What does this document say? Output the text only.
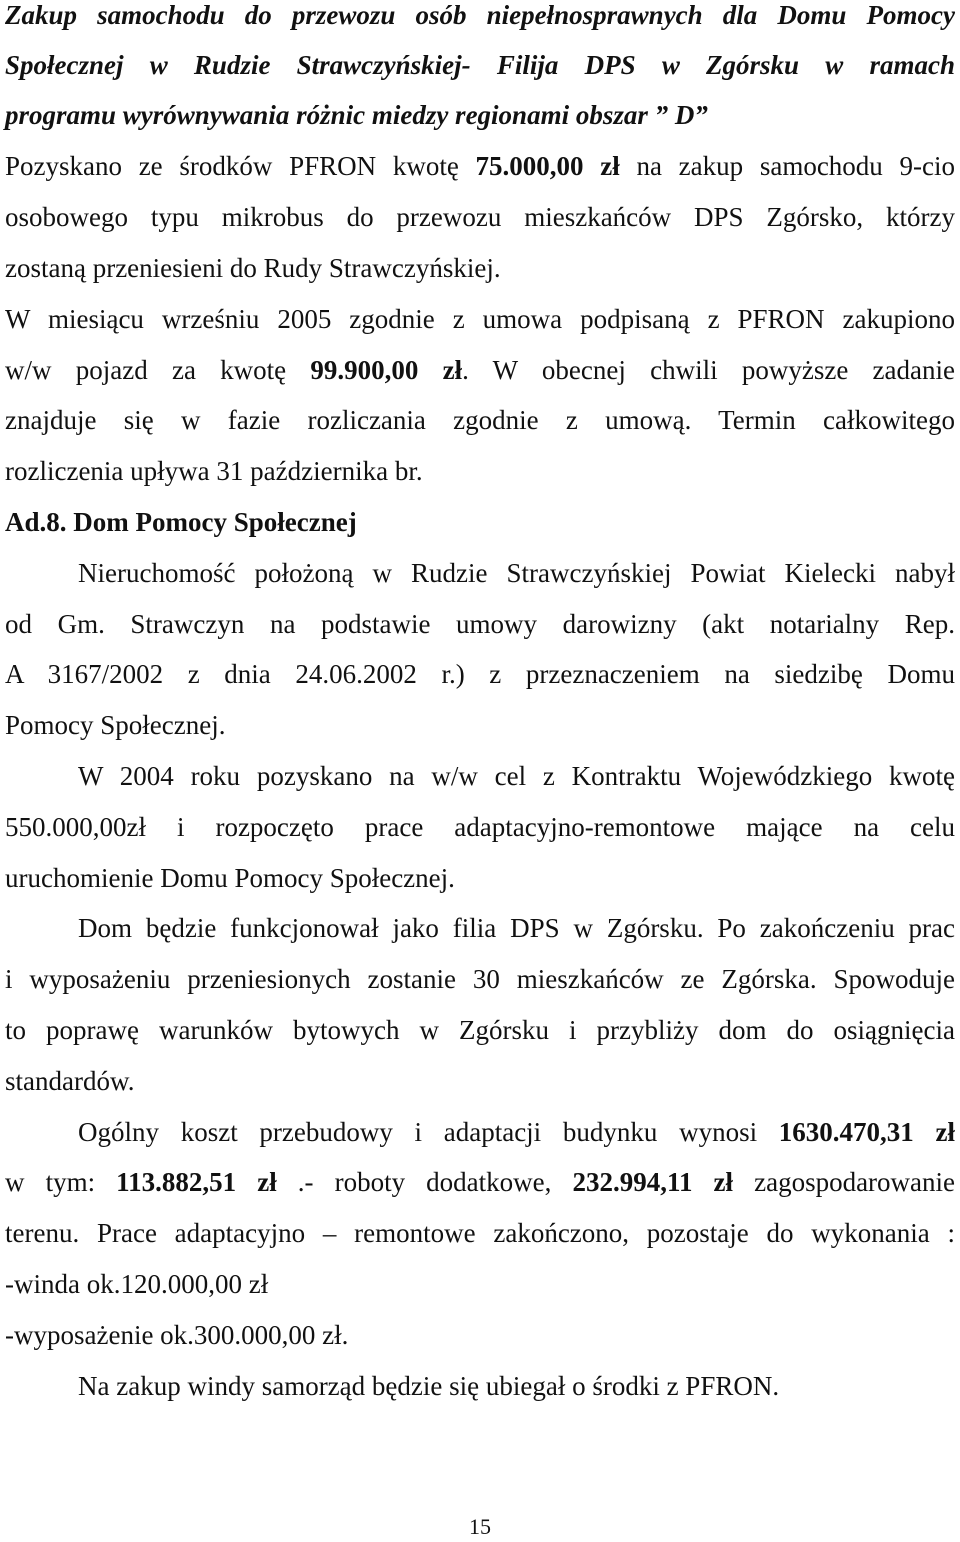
Zakup samochodu do przewozu osób niepełnosprawnych dla Domu Pomocy
Społecznej w Rudzie Strawczyńskiej- Filija DPS w Zgórsku w ramach
programu wyrównywania różnic miedzy regionami obszar ” D”
Pozyskano ze środków PFRON kwotę 75.000,00 zł na zakup samochodu 9-cio
osobowego typu mikrobus do przewozu mieszkańców DPS Zgórsko, którzy
zostaną przeniesieni do Rudy Strawczyńskiej.
W miesiącu wrześniu 2005 zgodnie z umowa podpisaną z PFRON zakupiono
w/w pojazd za kwotę 99.900,00 zł. W obecnej chwili powyższe zadanie
znajduje się w fazie rozliczania zgodnie z umową. Termin całkowitego
rozliczenia upływa 31 października br.
Ad.8. Dom Pomocy Społecznej
Nieruchomość położoną w Rudzie Strawczyńskiej Powiat Kielecki nabył
od Gm. Strawczyn na podstawie umowy darowizny (akt notarialny Rep.
A 3167/2002 z dnia 24.06.2002 r.) z przeznaczeniem na siedzibę Domu
Pomocy Społecznej.
W 2004 roku pozyskano na w/w cel z Kontraktu Wojewódzkiego kwotę
550.000,00zł i rozpoczęto prace adaptacyjno-remontowe mające na celu
uruchomienie Domu Pomocy Społecznej.
Dom będzie funkcjonował jako filia DPS w Zgórsku. Po zakończeniu prac
i wyposażeniu przeniesionych zostanie 30 mieszkańców ze Zgórska. Spowoduje
to poprawę warunków bytowych w Zgórsku i przybliży dom do osiągnięcia
standardów.
Ogólny koszt przebudowy i adaptacji budynku wynosi 1630.470,31 zł
w tym: 113.882,51 zł .- roboty dodatkowe, 232.994,11 zł zagospodarowanie
terenu. Prace adaptacyjno – remontowe zakończono, pozostaje do wykonania :
-winda ok.120.000,00 zł
-wyposażenie ok.300.000,00 zł.
Na zakup windy samorząd będzie się ubiegał o środki z PFRON.
15
